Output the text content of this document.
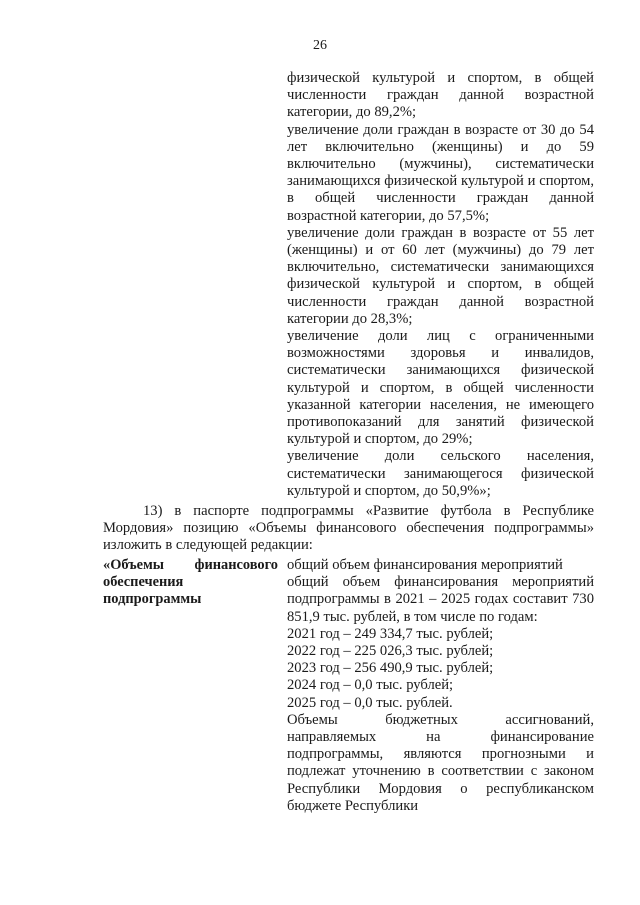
26

физической культурой и спортом, в общей численности граждан данной возрастной категории, до 89,2%;

увеличение доли граждан в возрасте от 30 до 54 лет включительно (женщины) и до 59 включительно (мужчины), систематически занимающихся физической культурой и спортом, в общей численности граждан данной возрастной категории, до 57,5%;

увеличение доли граждан в возрасте от 55 лет (женщины) и от 60 лет (мужчины) до 79 лет включительно, систематически занимающихся физической культурой и спортом, в общей численности граждан данной возрастной категории до 28,3%;

увеличение доли лиц с ограниченными возможностями здоровья и инвалидов, систематически занимающихся физической культурой и спортом, в общей численности указанной категории населения, не имеющего противопоказаний для занятий физической культурой и спортом, до 29%;

увеличение доли сельского населения, систематически занимающегося физической культурой и спортом, до 50,9%»;

13) в паспорте подпрограммы «Развитие футбола в Республике Мордовия» позицию «Объемы финансового обеспечения подпрограммы» изложить в следующей редакции:

«Объемы финансового обеспечения подпрограммы

общий объем финансирования мероприятий

общий объем финансирования мероприятий подпрограммы в 2021 – 2025 годах составит 730 851,9 тыс. рублей, в том числе по годам:

2021 год – 249 334,7 тыс. рублей;

2022 год – 225 026,3 тыс. рублей;

2023 год – 256 490,9 тыс. рублей;

2024 год – 0,0 тыс. рублей;

2025 год – 0,0 тыс. рублей.

Объемы бюджетных ассигнований, направляемых на финансирование подпрограммы, являются прогнозными и подлежат уточнению в соответствии с законом Республики Мордовия о республиканском бюджете Республики
